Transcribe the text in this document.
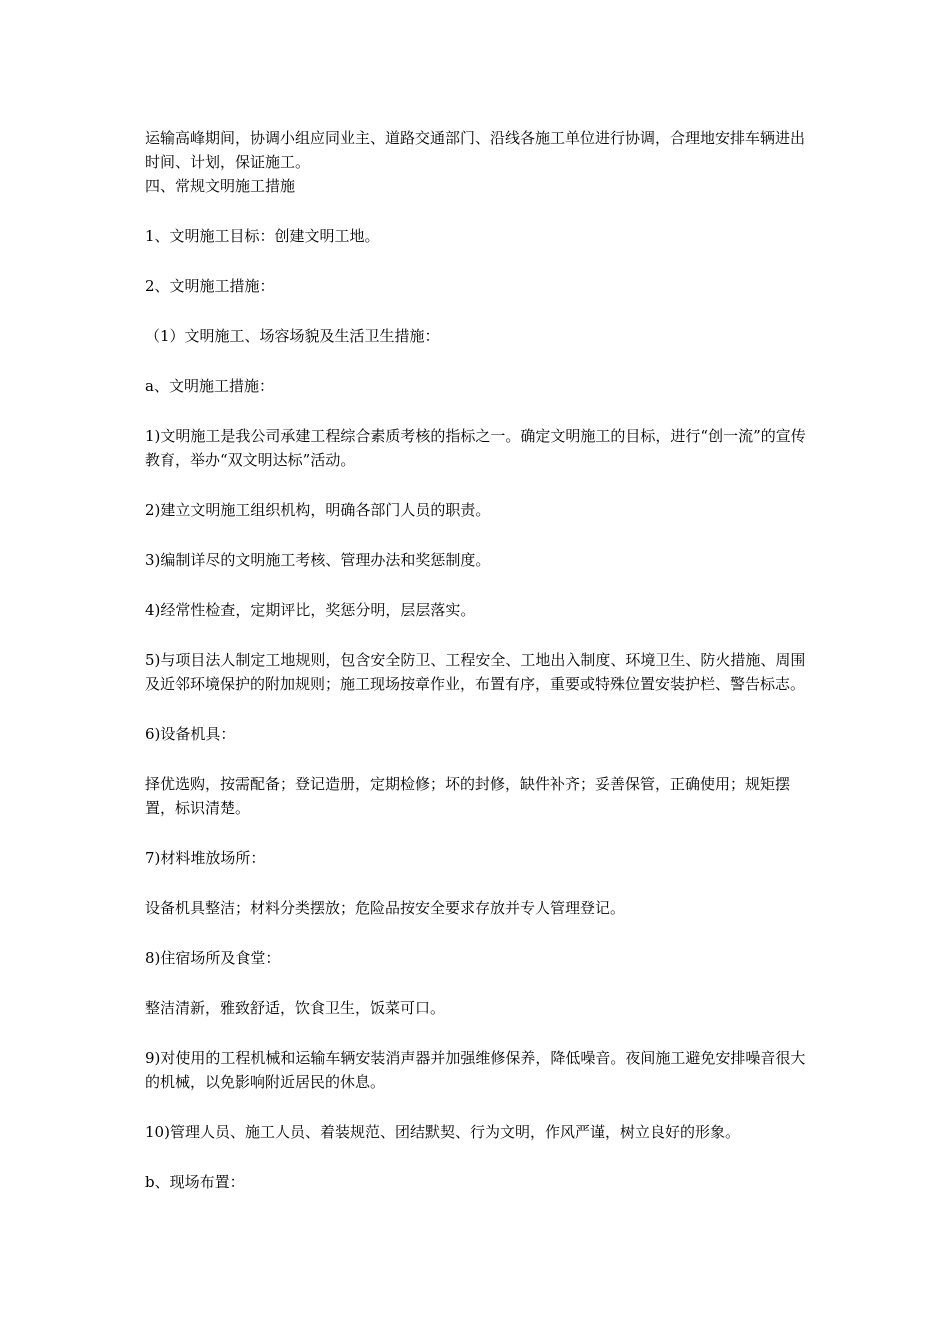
运输高峰期间，协调小组应同业主、道路交通部门、沿线各施工单位进行协调，合理地安排车辆进出时间、计划，保证施工。

四、常规文明施工措施

1、文明施工目标：创建文明工地。

2、文明施工措施：

（1）文明施工、场容场貌及生活卫生措施：

a、文明施工措施：

1)文明施工是我公司承建工程综合素质考核的指标之一。确定文明施工的目标，进行“创一流”的宣传教育，举办“双文明达标”活动。

2)建立文明施工组织机构，明确各部门人员的职责。

3)编制详尽的文明施工考核、管理办法和奖惩制度。

4)经常性检查，定期评比，奖惩分明，层层落实。

5)与项目法人制定工地规则，包含安全防卫、工程安全、工地出入制度、环境卫生、防火措施、周围及近邻环境保护的附加规则；施工现场按章作业，布置有序，重要或特殊位置安装护栏、警告标志。

6)设备机具：

择优选购，按需配备；登记造册，定期检修；坏的封修，缺件补齐；妥善保管，正确使用；规矩摆置，标识清楚。

7)材料堆放场所：

设备机具整洁；材料分类摆放；危险品按安全要求存放并专人管理登记。

8)住宿场所及食堂：

整洁清新，雅致舒适，饮食卫生，饭菜可口。

9)对使用的工程机械和运输车辆安装消声器并加强维修保养，降低噪音。夜间施工避免安排噪音很大的机械，以免影响附近居民的休息。

10)管理人员、施工人员、着装规范、团结默契、行为文明，作风严谨，树立良好的形象。

b、现场布置：
